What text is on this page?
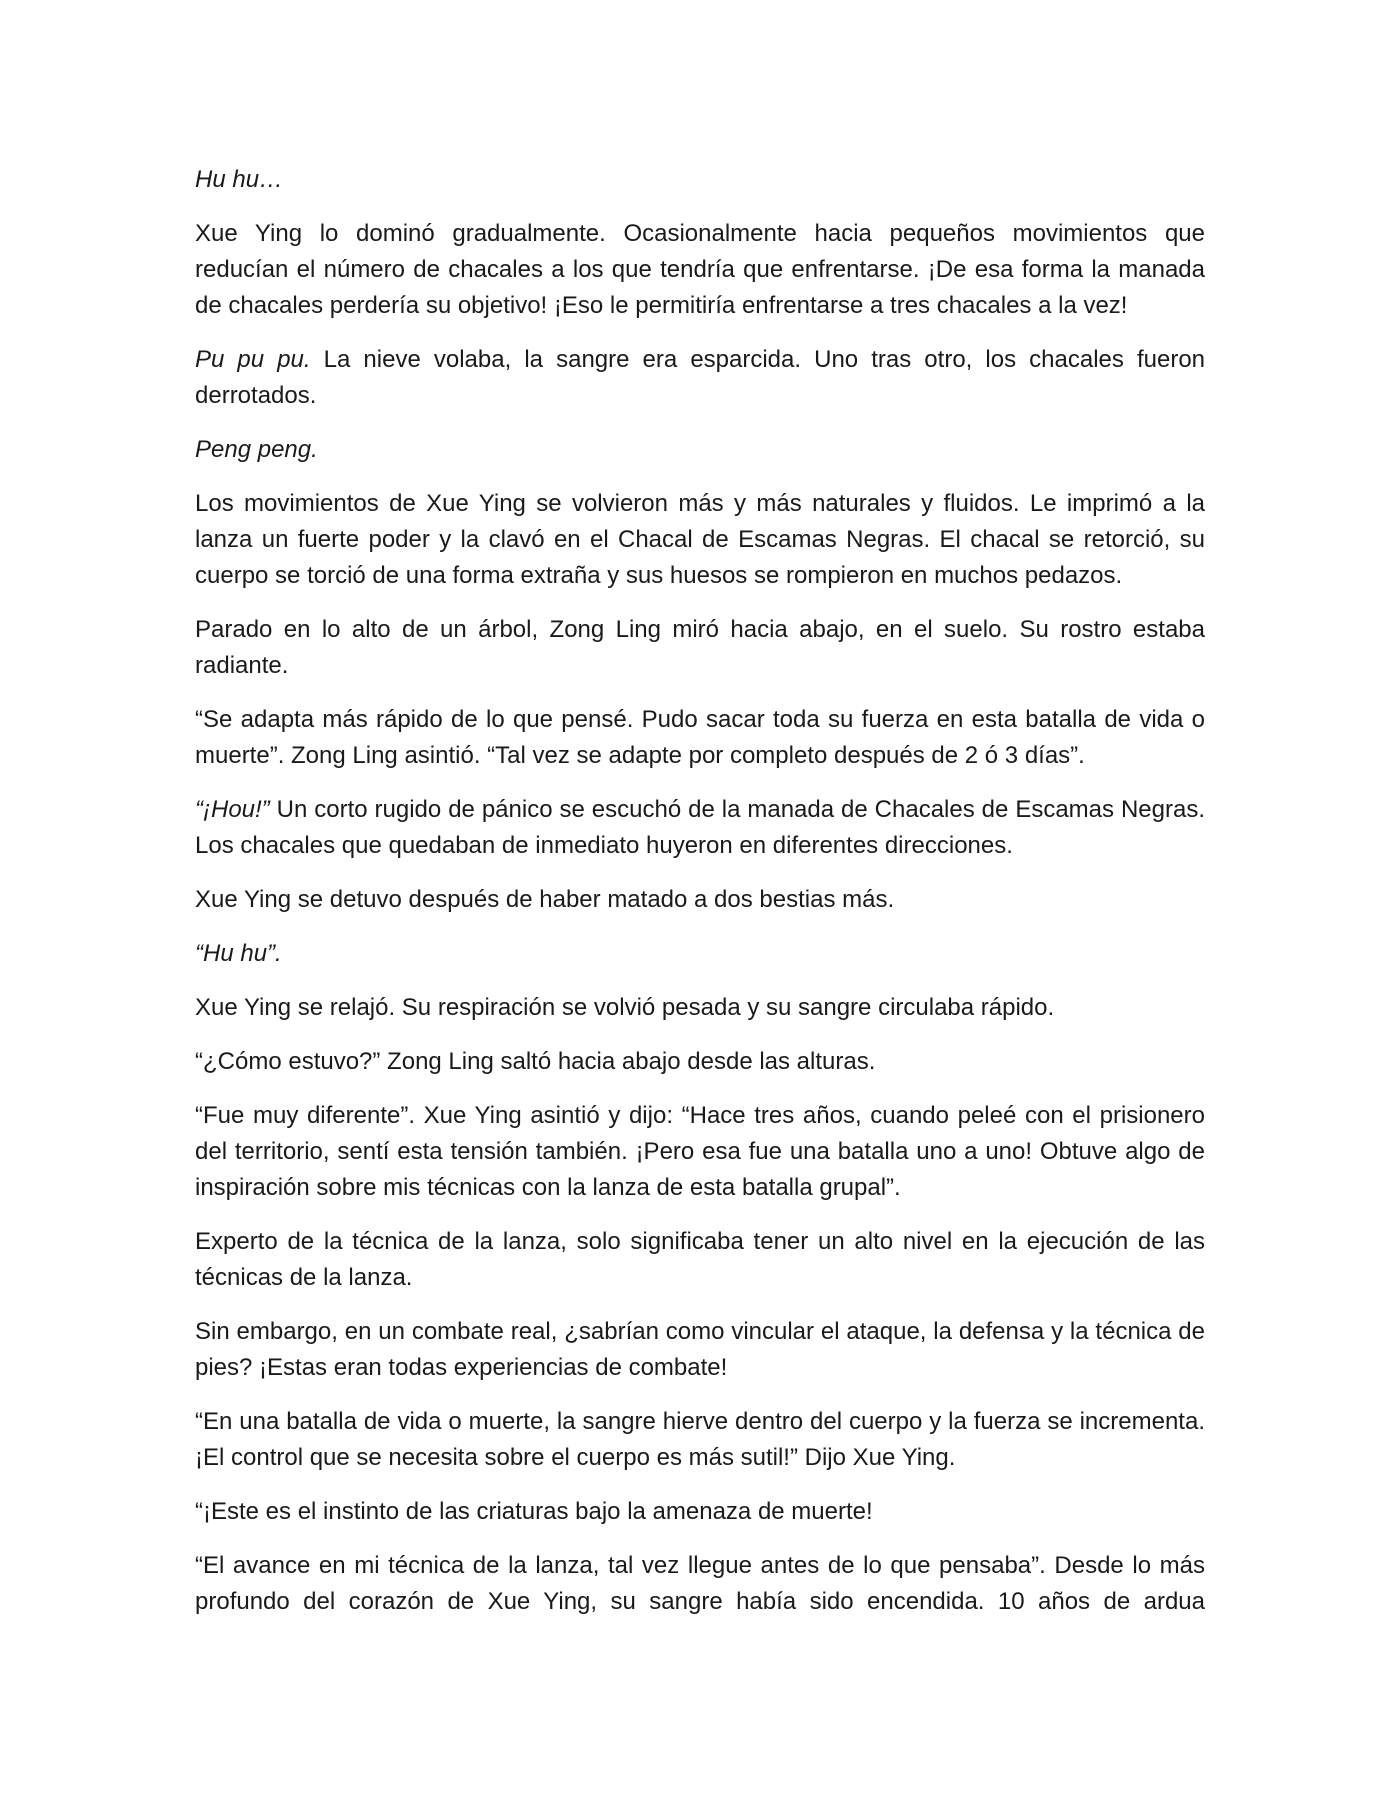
Hu hu…

Xue Ying lo dominó gradualmente. Ocasionalmente hacia pequeños movimientos que reducían el número de chacales a los que tendría que enfrentarse. ¡De esa forma la manada de chacales perdería su objetivo! ¡Eso le permitiría enfrentarse a tres chacales a la vez!

Pu pu pu. La nieve volaba, la sangre era esparcida. Uno tras otro, los chacales fueron derrotados.

Peng peng.

Los movimientos de Xue Ying se volvieron más y más naturales y fluidos. Le imprimó a la lanza un fuerte poder y la clavó en el Chacal de Escamas Negras. El chacal se retorció, su cuerpo se torció de una forma extraña y sus huesos se rompieron en muchos pedazos.

Parado en lo alto de un árbol, Zong Ling miró hacia abajo, en el suelo. Su rostro estaba radiante.

“Se adapta más rápido de lo que pensé. Pudo sacar toda su fuerza en esta batalla de vida o muerte”. Zong Ling asintió. “Tal vez se adapte por completo después de 2 ó 3 días”.

“¡Hou!” Un corto rugido de pánico se escuchó de la manada de Chacales de Escamas Negras. Los chacales que quedaban de inmediato huyeron en diferentes direcciones.

Xue Ying se detuvo después de haber matado a dos bestias más.

“Hu hu”.

Xue Ying se relajó. Su respiración se volvió pesada y su sangre circulaba rápido.

“¿Cómo estuvo?” Zong Ling saltó hacia abajo desde las alturas.

“Fue muy diferente”. Xue Ying asintió y dijo: “Hace tres años, cuando peleé con el prisionero del territorio, sentí esta tensión también. ¡Pero esa fue una batalla uno a uno! Obtuve algo de inspiración sobre mis técnicas con la lanza de esta batalla grupal”.

Experto de la técnica de la lanza, solo significaba tener un alto nivel en la ejecución de las técnicas de la lanza.

Sin embargo, en un combate real, ¿sabrían como vincular el ataque, la defensa y la técnica de pies? ¡Estas eran todas experiencias de combate!

“En una batalla de vida o muerte, la sangre hierve dentro del cuerpo y la fuerza se incrementa. ¡El control que se necesita sobre el cuerpo es más sutil!” Dijo Xue Ying.

“¡Este es el instinto de las criaturas bajo la amenaza de muerte!

“El avance en mi técnica de la lanza, tal vez llegue antes de lo que pensaba”. Desde lo más profundo del corazón de Xue Ying, su sangre había sido encendida. 10 años de ardua
